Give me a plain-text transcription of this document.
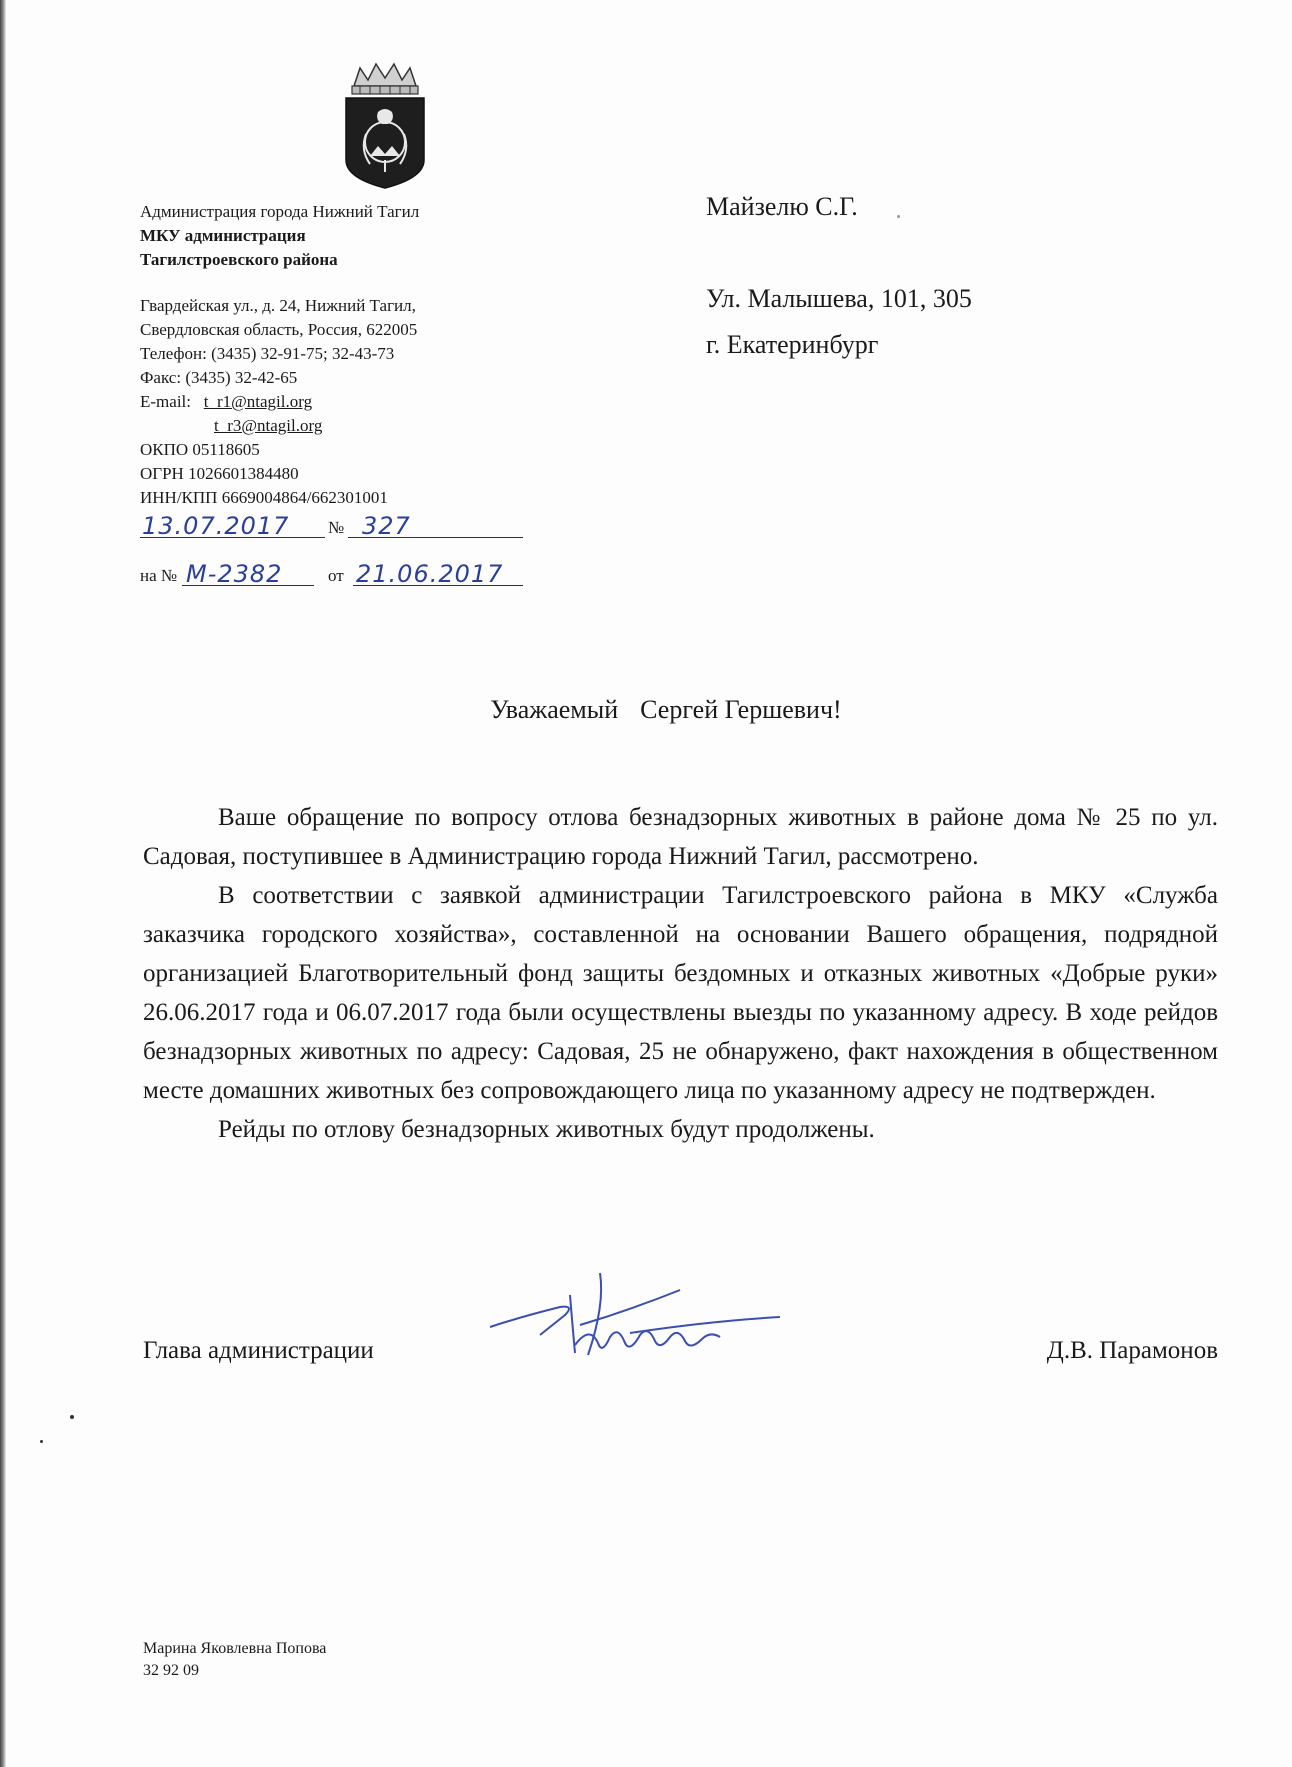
Администрация города Нижний Тагил
МКУ администрация
Тагилстроевского района
Гвардейская ул., д. 24, Нижний Тагил,
Свердловская область, Россия, 622005
Телефон: (3435) 32-91-75; 32-43-73
Факс: (3435) 32-42-65
E-mail: t_r1@ntagil.org
t_r3@ntagil.org
ОКПО 05118605
ОГРН 1026601384480
ИНН/КПП 6669004864/662301001
13.07.2017 № 327
на № М-2382	от 21.06.2017
Майзелю С.Г.
Ул. Малышева, 101, 305
г. Екатеринбург
Уважаемый Сергей Гершевич!

Ваше обращение по вопросу отлова безнадзорных животных в районе дома № 25 по ул. Садовая, поступившее в Администрацию города Нижний Тагил, рассмотрено.

В соответствии с заявкой администрации Тагилстроевского района в МКУ «Служба заказчика городского хозяйства», составленной на основании Вашего обращения, подрядной организацией Благотворительный фонд защиты бездомных и отказных животных «Добрые руки» 26.06.2017 года и 06.07.2017 года были осуществлены выезды по указанному адресу. В ходе рейдов безнадзорных животных по адресу: Садовая, 25 не обнаружено, факт нахождения в общественном месте домашних животных без сопровождающего лица по указанному адресу не подтвержден.

Рейды по отлову безнадзорных животных будут продолжены.

Глава администрации	Д.В. Парамонов
Марина Яковлевна Попова
32 92 09
